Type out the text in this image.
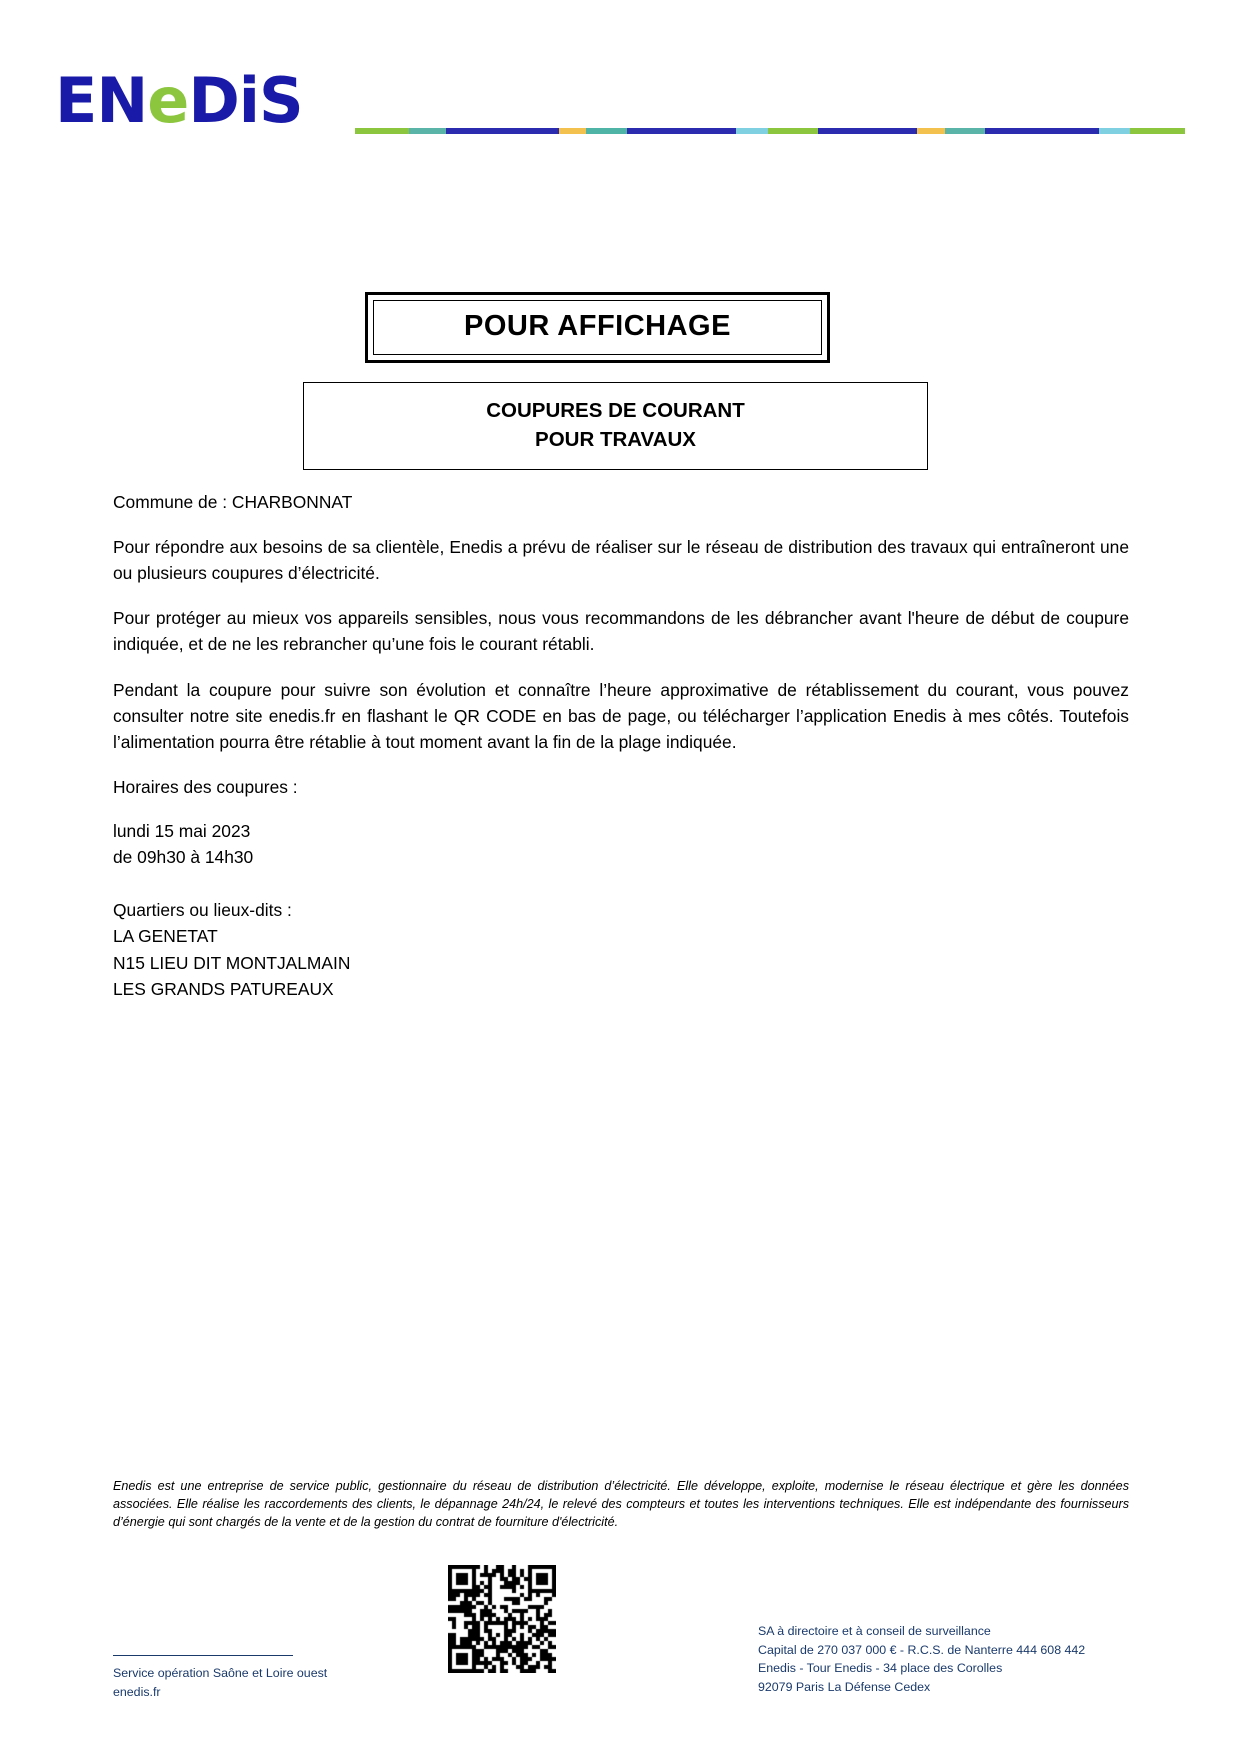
ENeDiS
POUR AFFICHAGE
COUPURES DE COURANT
POUR TRAVAUX

Commune de : CHARBONNAT

Pour répondre aux besoins de sa clientèle, Enedis a prévu de réaliser sur le réseau de distribution des travaux qui entraîneront une ou plusieurs coupures d’électricité.

Pour protéger au mieux vos appareils sensibles, nous vous recommandons de les débrancher avant l'heure de début de coupure indiquée, et de ne les rebrancher qu’une fois le courant rétabli.

Pendant la coupure pour suivre son évolution et connaître l’heure approximative de rétablissement du courant, vous pouvez consulter notre site enedis.fr en flashant le QR CODE en bas de page, ou télécharger l’application Enedis à mes côtés. Toutefois l’alimentation pourra être rétablie à tout moment avant la fin de la plage indiquée.

Horaires des coupures :

lundi 15 mai 2023
de 09h30 à 14h30
Quartiers ou lieux-dits :
LA GENETAT
N15 LIEU DIT MONTJALMAIN
LES GRANDS PATUREAUX
Enedis est une entreprise de service public, gestionnaire du réseau de distribution d’électricité. Elle développe, exploite, modernise le réseau électrique et gère les données associées. Elle réalise les raccordements des clients, le dépannage 24h/24, le relevé des compteurs et toutes les interventions techniques. Elle est indépendante des fournisseurs d’énergie qui sont chargés de la vente et de la gestion du contrat de fourniture d'électricité.
Service opération Saône et Loire ouest
enedis.fr
SA à directoire et à conseil de surveillance
Capital de 270 037 000 € - R.C.S. de Nanterre 444 608 442
Enedis - Tour Enedis - 34 place des Corolles
92079 Paris La Défense Cedex
